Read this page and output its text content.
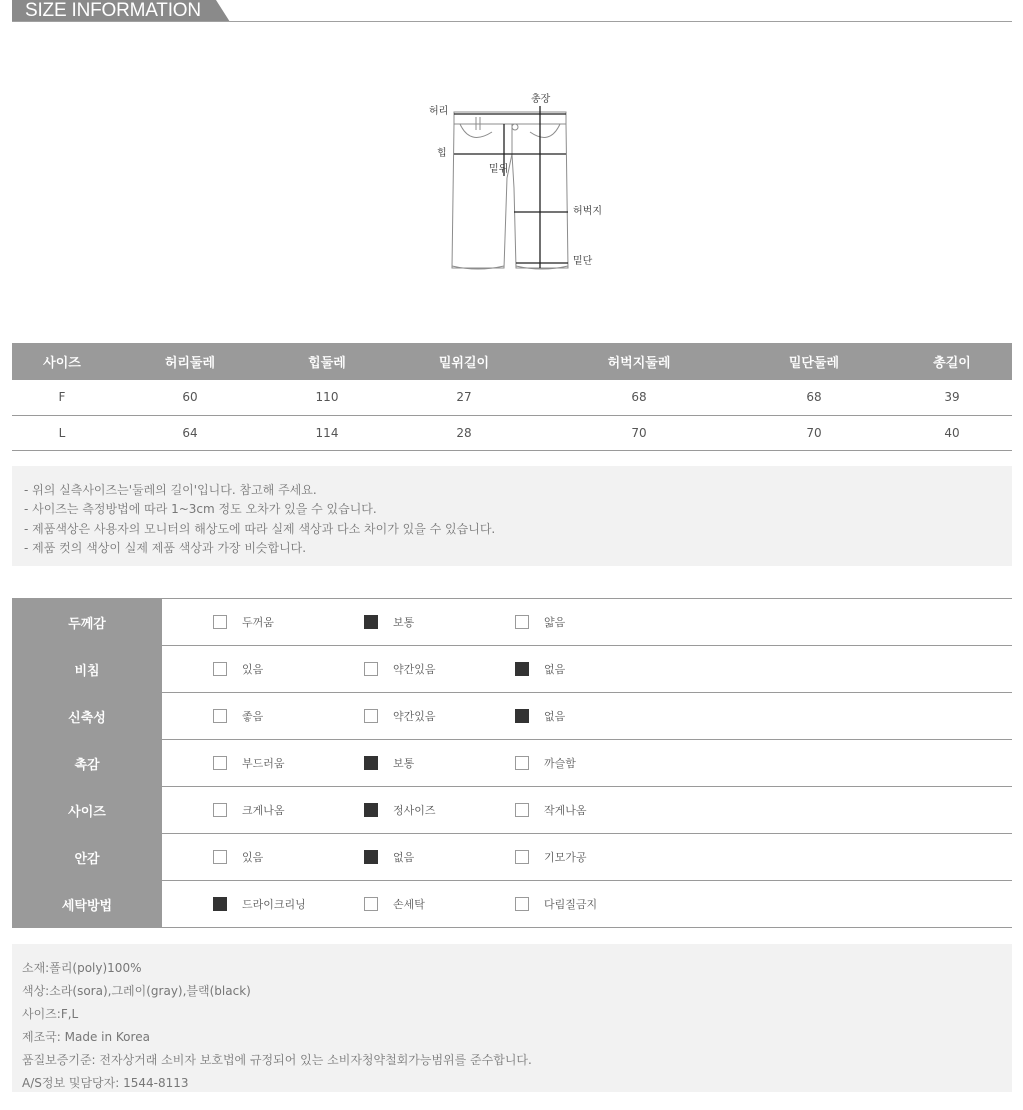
SIZE INFORMATION
허리
총장
힙
밑위
허벅지
밑단
사이즈	허리둘레	힙둘레	밑위길이	허벅지둘레	밑단둘레	총길이
F	60	110	27	68	68	39
L	64	114	28	70	70	40

- 위의 실측사이즈는'둘레의 길이'입니다. 참고해 주세요.

- 사이즈는 측정방법에 따라 1~3cm 정도 오차가 있을 수 있습니다.

- 제품색상은 사용자의 모니터의 해상도에 따라 실제 색상과 다소 차이가 있을 수 있습니다.

- 제품 컷의 색상이 실제 제품 색상과 가장 비슷합니다.

두께감	두꺼움	보통	얇음
비침	있음	약간있음	없음
신축성	좋음	약간있음	없음
촉감	부드러움	보통	까슬함
사이즈	크게나옴	정사이즈	작게나옴
안감	있음	없음	기모가공
세탁방법	드라이크리닝	손세탁	다림질금지

소재:폴리(poly)100%

색상:소라(sora),그레이(gray),블랙(black)

사이즈:F,L

제조국: Made in Korea

품질보증기준: 전자상거래 소비자 보호법에 규정되어 있는 소비자청약철회가능범위를 준수합니다.

A/S정보 및담당자: 1544-8113
